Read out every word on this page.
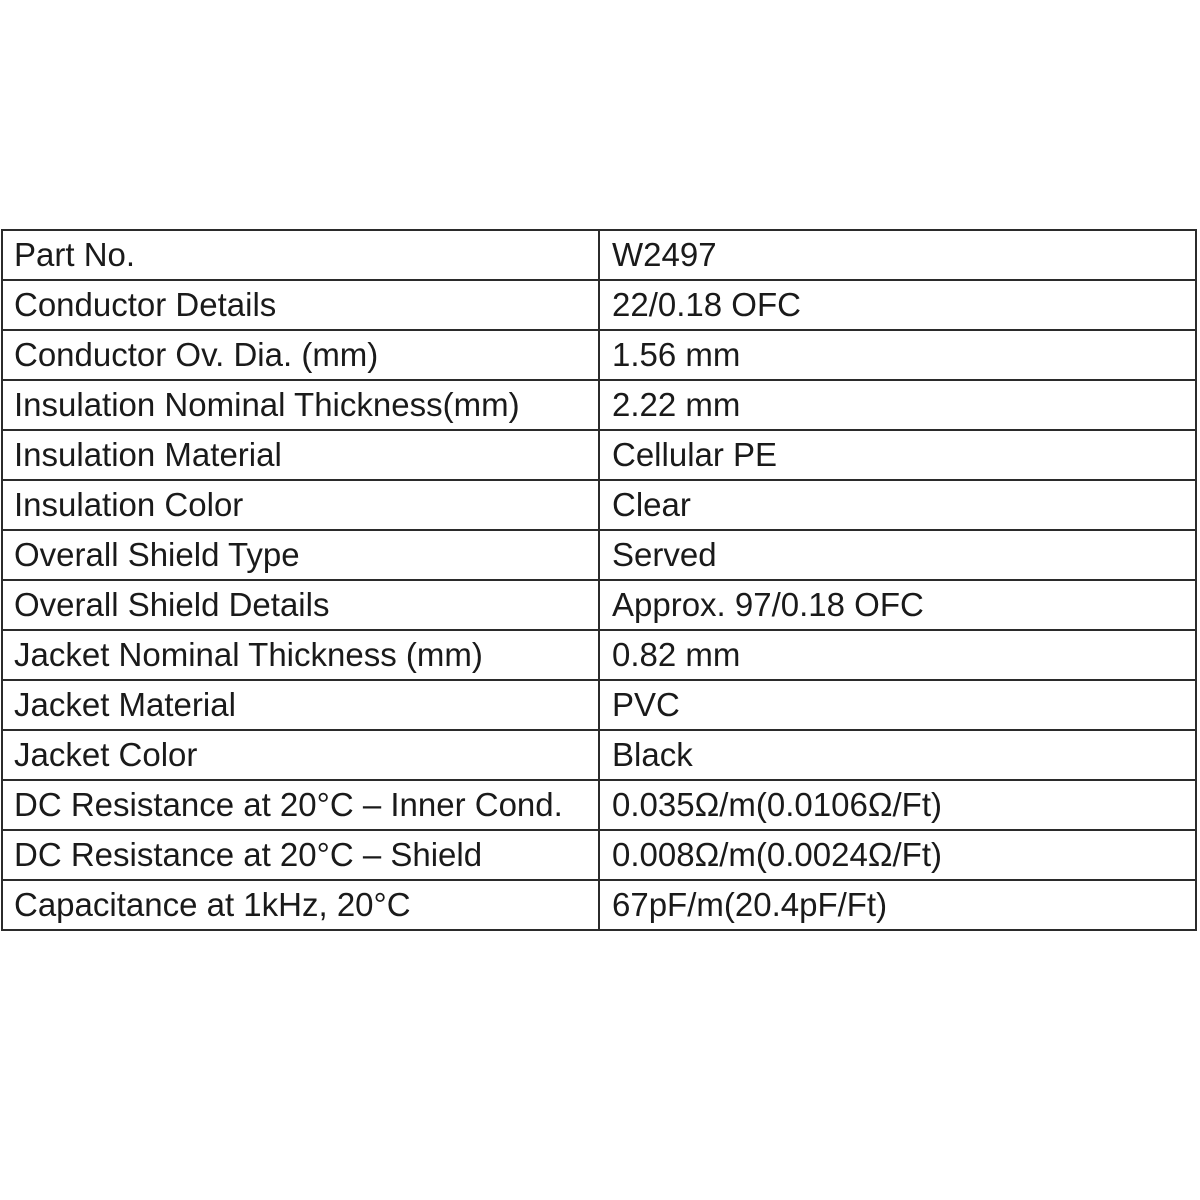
Part No.	W2497
Conductor Details	22/0.18 OFC
Conductor Ov. Dia. (mm)	1.56 mm
Insulation Nominal Thickness(mm)	2.22 mm
Insulation Material	Cellular PE
Insulation Color	Clear
Overall Shield Type	Served
Overall Shield Details	Approx. 97/0.18 OFC
Jacket Nominal Thickness (mm)	0.82 mm
Jacket Material	PVC
Jacket Color	Black
DC Resistance at 20°C – Inner Cond.	0.035Ω/m(0.0106Ω/Ft)
DC Resistance at 20°C – Shield	0.008Ω/m(0.0024Ω/Ft)
Capacitance at 1kHz, 20°C	67pF/m(20.4pF/Ft)
